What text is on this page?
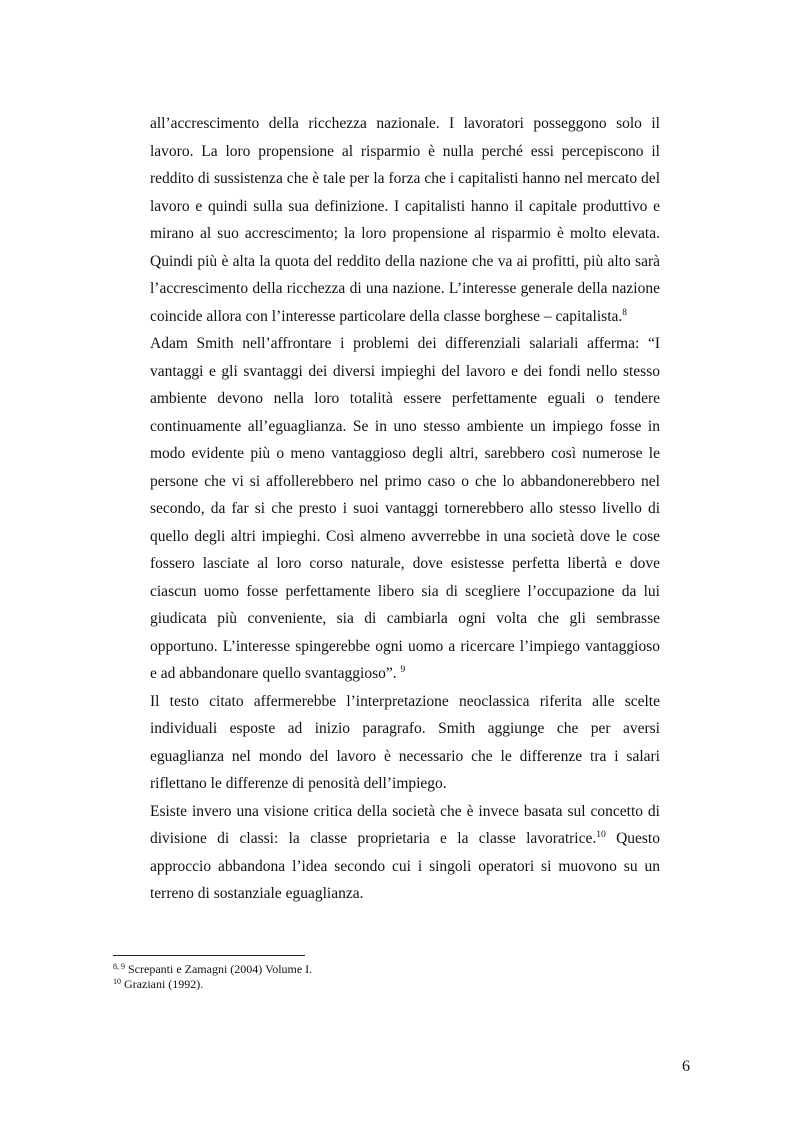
all’accrescimento della ricchezza nazionale. I lavoratori posseggono solo il lavoro. La loro propensione al risparmio è nulla perché essi percepiscono il reddito di sussistenza che è tale per la forza che i capitalisti hanno nel mercato del lavoro e quindi sulla sua definizione. I capitalisti hanno il capitale produttivo e mirano al suo accrescimento; la loro propensione al risparmio è molto elevata. Quindi più è alta la quota del reddito della nazione che va ai profitti, più alto sarà l’accrescimento della ricchezza di una nazione. L’interesse generale della nazione coincide allora con l’interesse particolare della classe borghese – capitalista.$^8$

Adam Smith nell’affrontare i problemi dei differenziali salariali afferma: “I vantaggi e gli svantaggi dei diversi impieghi del lavoro e dei fondi nello stesso ambiente devono nella loro totalità essere perfettamente eguali o tendere continuamente all’eguaglianza. Se in uno stesso ambiente un impiego fosse in modo evidente più o meno vantaggioso degli altri, sarebbero così numerose le persone che vi si affollerebbero nel primo caso o che lo abbandonerebbero nel secondo, da far si che presto i suoi vantaggi tornerebbero allo stesso livello di quello degli altri impieghi. Così almeno avverrebbe in una società dove le cose fossero lasciate al loro corso naturale, dove esistesse perfetta libertà e dove ciascun uomo fosse perfettamente libero sia di scegliere l’occupazione da lui giudicata più conveniente, sia di cambiarla ogni volta che gli sembrasse opportuno. L’interesse spingerebbe ogni uomo a ricercare l’impiego vantaggioso e ad abbandonare quello svantaggioso”. $^9$

Il testo citato affermerebbe l’interpretazione neoclassica riferita alle scelte individuali esposte ad inizio paragrafo. Smith aggiunge che per aversi eguaglianza nel mondo del lavoro è necessario che le differenze tra i salari riflettano le differenze di penosità dell’impiego.

Esiste invero una visione critica della società che è invece basata sul concetto di divisione di classi: la classe proprietaria e la classe lavoratrice.$^{10}$ Questo approccio abbandona l’idea secondo cui i singoli operatori si muovono su un terreno di sostanziale eguaglianza.

$^{8, 9}$ Screpanti e Zamagni (2004) Volume I.

$^{10}$ Graziani (1992).

6
